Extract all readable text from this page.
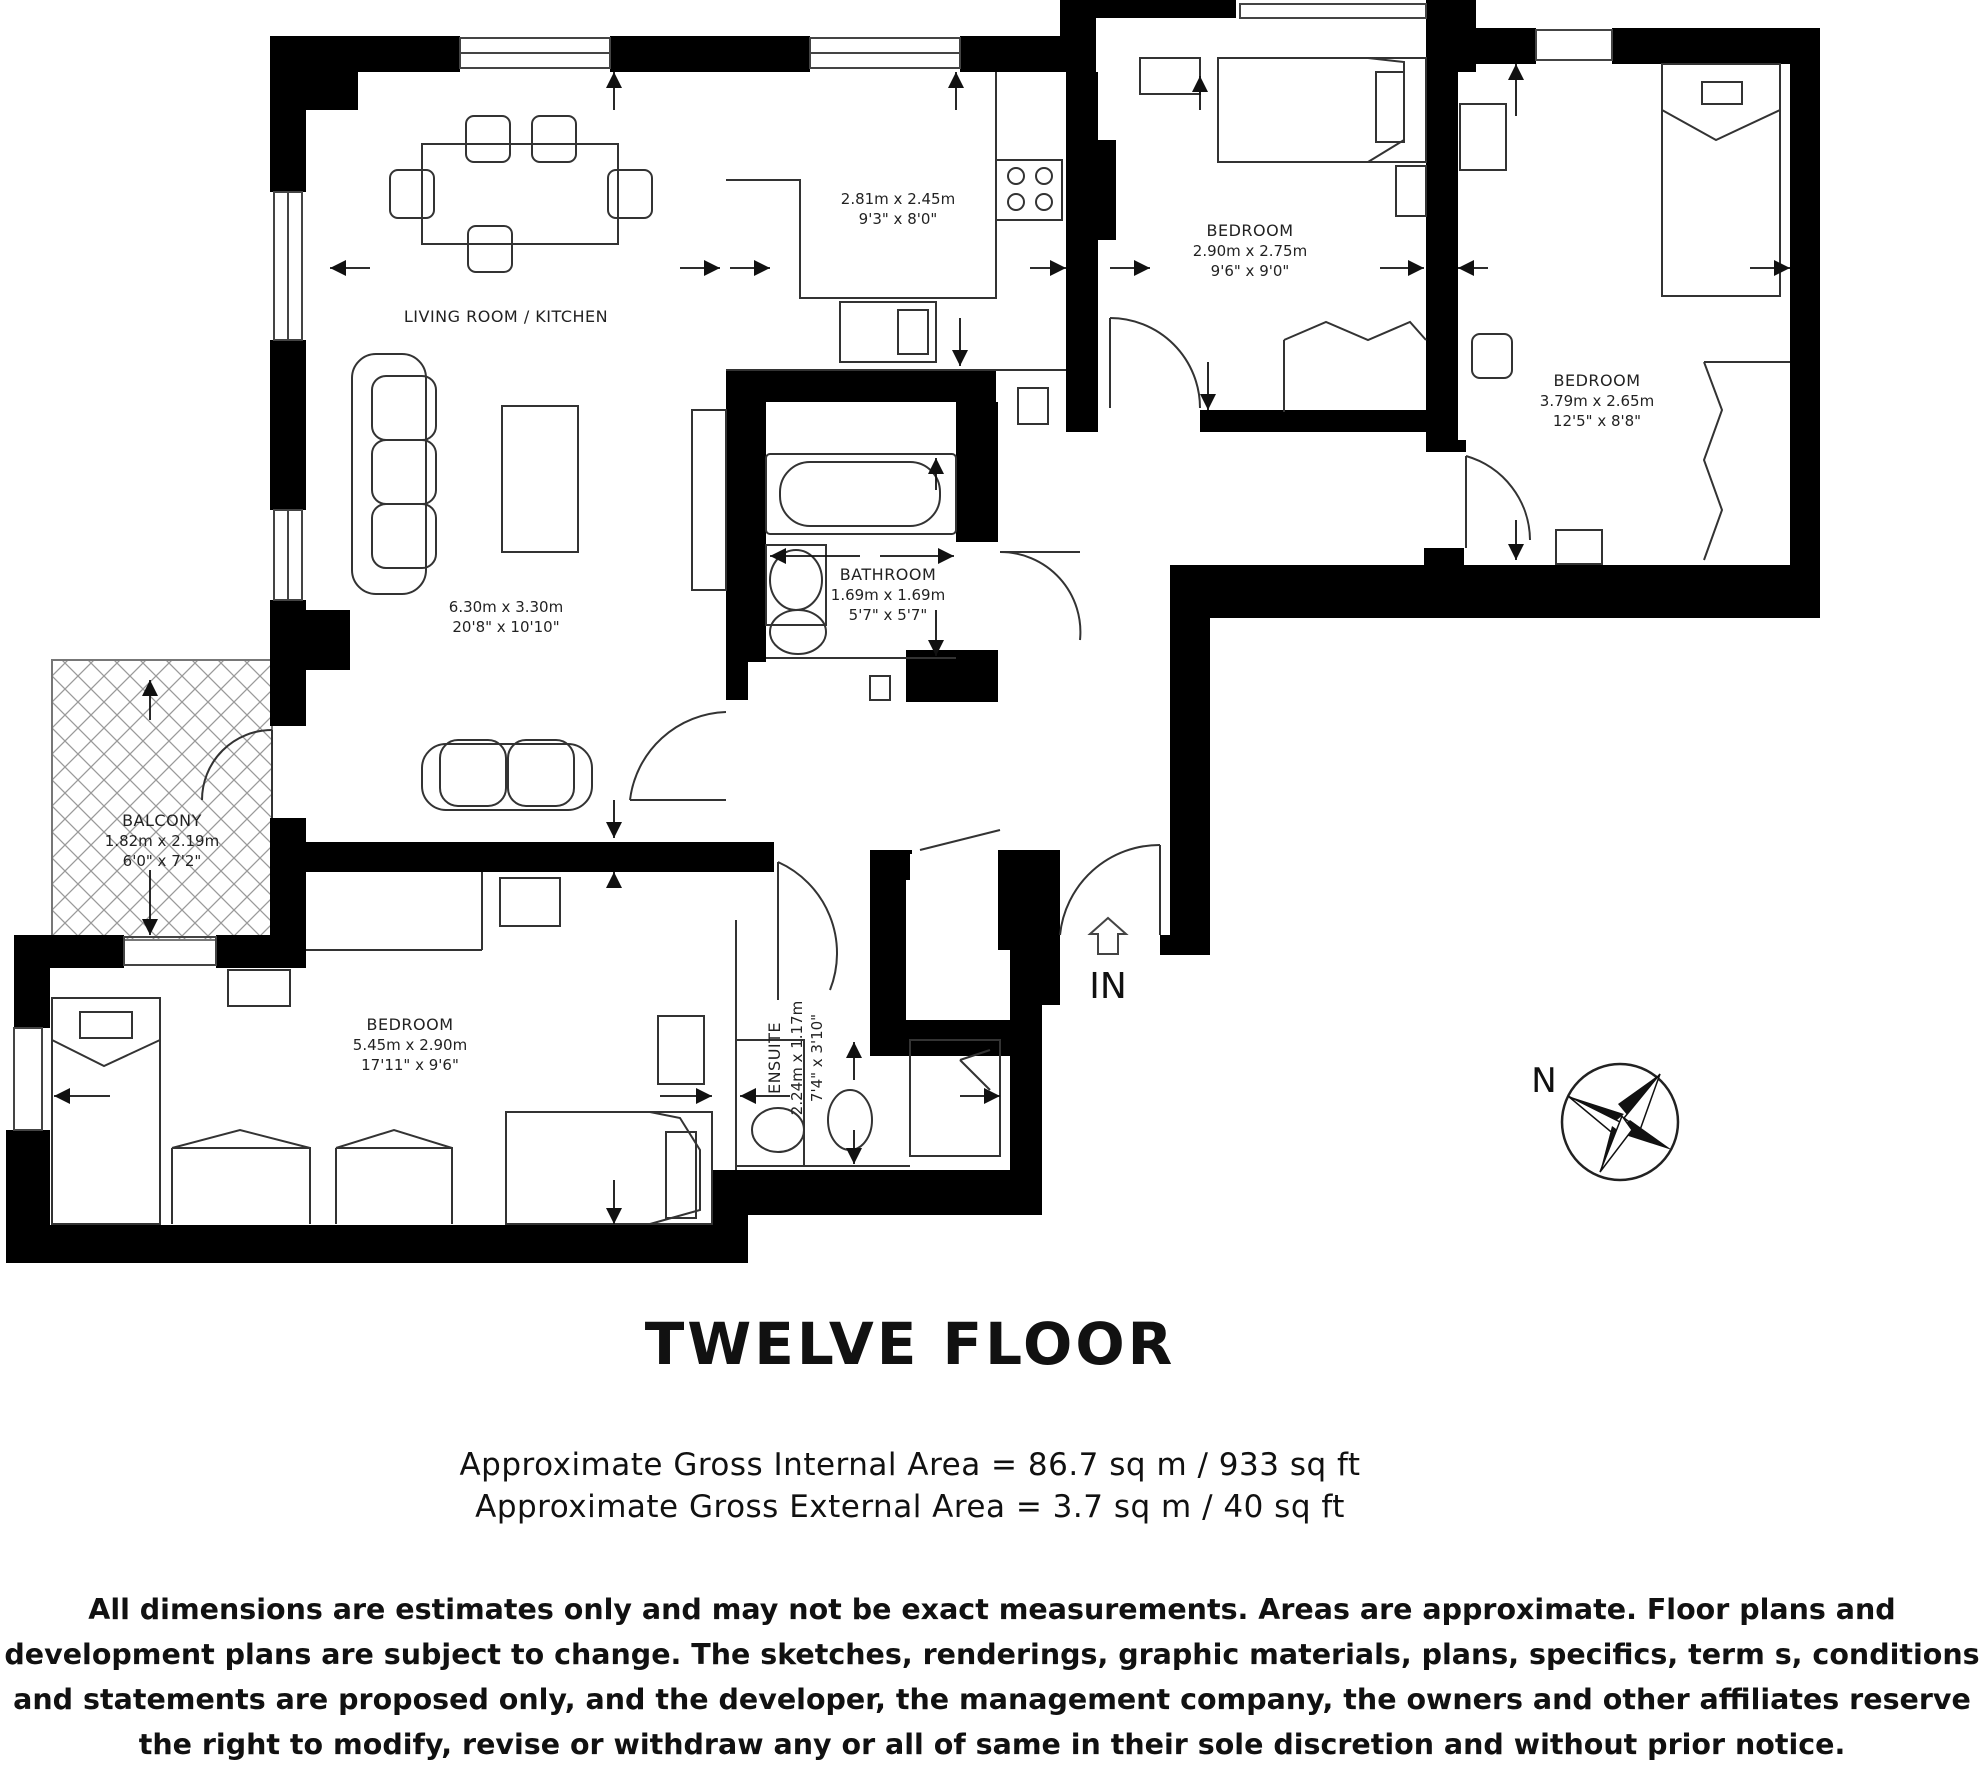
IN
N
LIVING ROOM / KITCHEN
6.30m x 3.30m
20'8" x 10'10"
2.81m x 2.45m
9'3" x 8'0"
BEDROOM
2.90m x 2.75m
9'6" x 9'0"
BEDROOM
3.79m x 2.65m
12'5" x 8'8"
BATHROOM
1.69m x 1.69m
5'7" x 5'7"
BALCONY
1.82m x 2.19m
6'0" x 7'2"
BEDROOM
5.45m x 2.90m
17'11" x 9'6"	ENSUITE 2.24m x 1.17m 7'4" x 3'10"
TWELVE FLOOR
Approximate Gross Internal Area = 86.7 sq m / 933 sq ft
Approximate Gross External Area = 3.7 sq m / 40 sq ft
All dimensions are estimates only and may not be exact measurements. Areas are approximate. Floor plans and development plans are subject to change. The sketches, renderings, graphic materials, plans, specifics, term s, conditions and statements are proposed only, and the developer, the management company, the owners and other affiliates reserve the right to modify, revise or withdraw any or all of same in their sole discretion and without prior notice.
